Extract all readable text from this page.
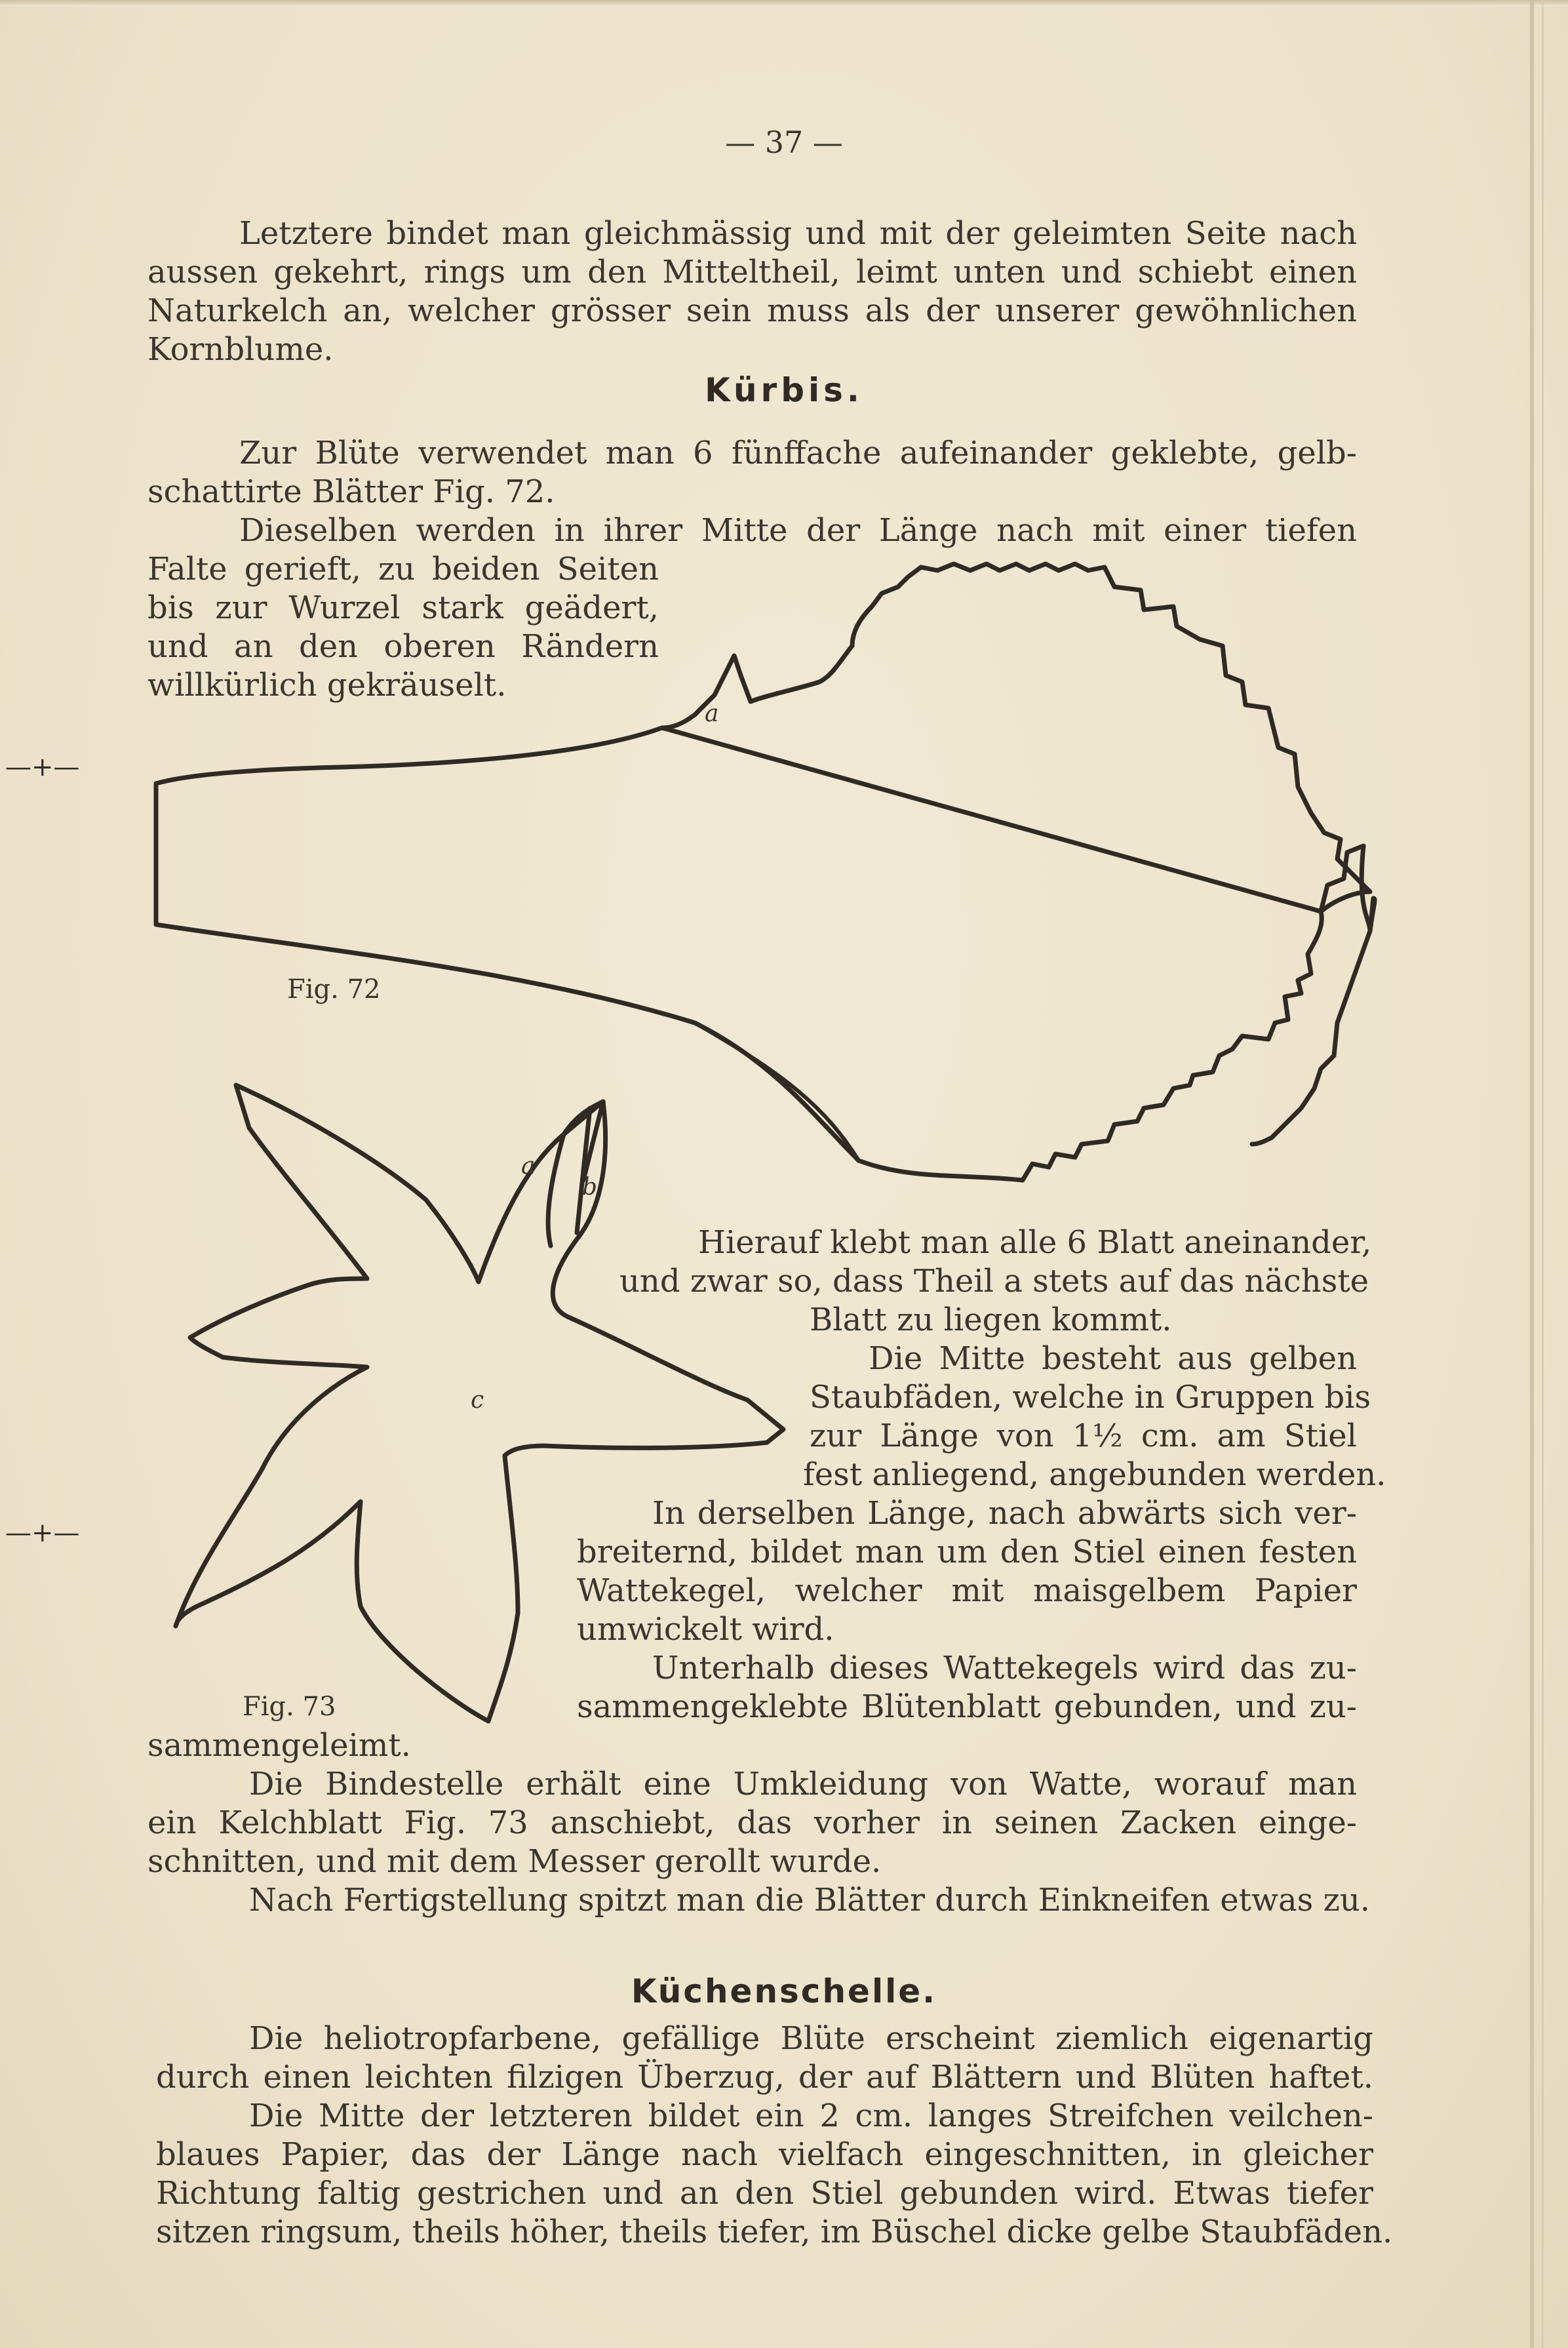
—+—
—+—
— 37 —
Letztere bindet man gleichmässig und mit der geleimten Seite nach
aussen gekehrt, rings um den Mitteltheil, leimt unten und schiebt einen
Naturkelch an, welcher grösser sein muss als der unserer gewöhnlichen
Kornblume.
Kürbis.
Zur Blüte verwendet man 6 fünffache aufeinander geklebte, gelb-
schattirte Blätter Fig. 72.
Dieselben werden in ihrer Mitte der Länge nach mit einer tiefen
Falte gerieft, zu beiden Seiten
bis zur Wurzel stark geädert,
und an den oberen Rändern
willkürlich gekräuselt.
a
Fig. 72
a
b
c
Fig. 73
Hierauf klebt man alle 6 Blatt aneinander,
und zwar so, dass Theil a stets auf das nächste
Blatt zu liegen kommt.
Die Mitte besteht aus gelben
Staubfäden, welche in Gruppen bis
zur Länge von 1½ cm. am Stiel
fest anliegend, angebunden werden.
In derselben Länge, nach abwärts sich ver-
breiternd, bildet man um den Stiel einen festen
Wattekegel, welcher mit maisgelbem Papier
umwickelt wird.
Unterhalb dieses Wattekegels wird das zu-
sammengeklebte Blütenblatt gebunden, und zu-
sammengeleimt.
Die Bindestelle erhält eine Umkleidung von Watte, worauf man
ein Kelchblatt Fig. 73 anschiebt, das vorher in seinen Zacken einge-
schnitten, und mit dem Messer gerollt wurde.
Nach Fertigstellung spitzt man die Blätter durch Einkneifen etwas zu.
Küchenschelle.
Die heliotropfarbene, gefällige Blüte erscheint ziemlich eigenartig
durch einen leichten filzigen Überzug, der auf Blättern und Blüten haftet.
Die Mitte der letzteren bildet ein 2 cm. langes Streifchen veilchen-
blaues Papier, das der Länge nach vielfach eingeschnitten, in gleicher
Richtung faltig gestrichen und an den Stiel gebunden wird. Etwas tiefer
sitzen ringsum, theils höher, theils tiefer, im Büschel dicke gelbe Staubfäden.
